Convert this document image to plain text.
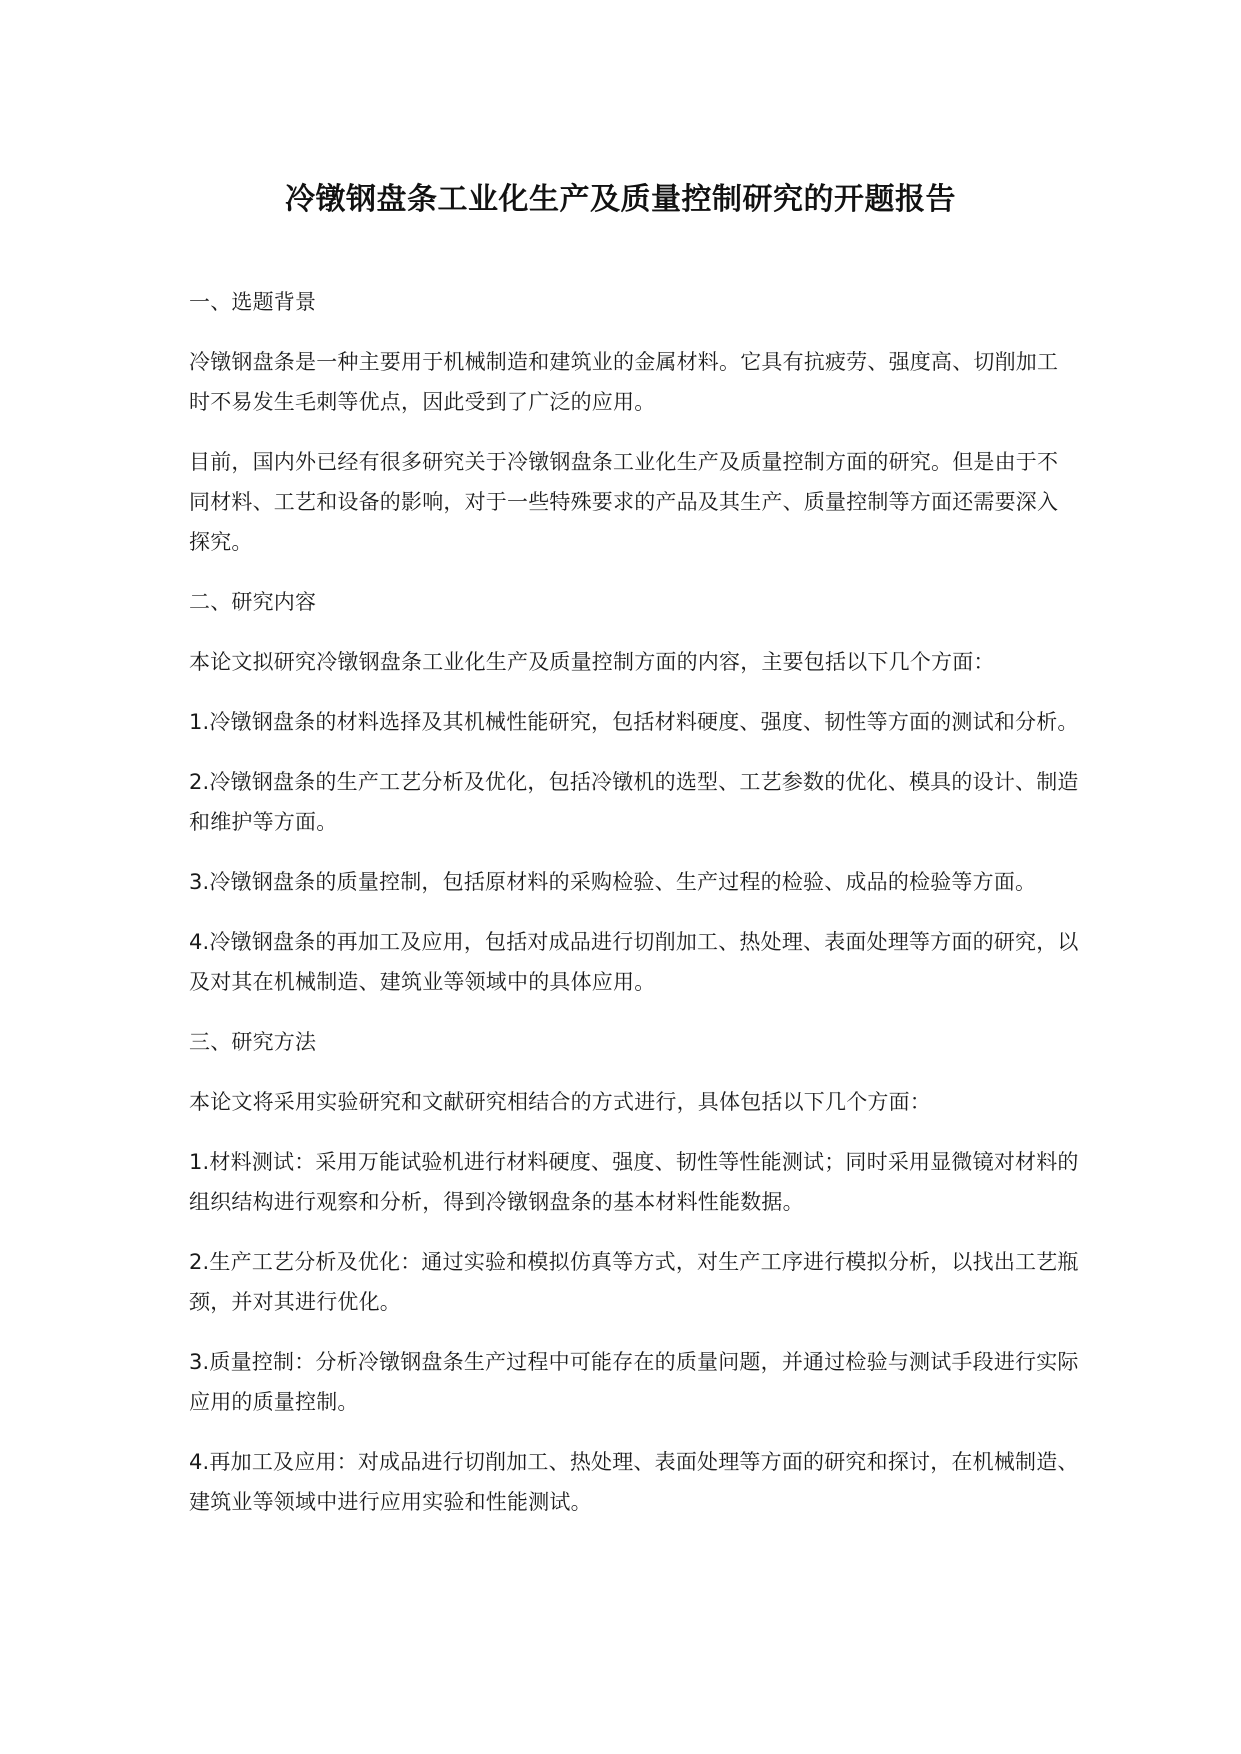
冷镦钢盘条工业化生产及质量控制研究的开题报告

一、选题背景

冷镦钢盘条是一种主要用于机械制造和建筑业的金属材料。它具有抗疲劳、强度高、切削加工时不易发生毛刺等优点，因此受到了广泛的应用。

目前，国内外已经有很多研究关于冷镦钢盘条工业化生产及质量控制方面的研究。但是由于不同材料、工艺和设备的影响，对于一些特殊要求的产品及其生产、质量控制等方面还需要深入探究。

二、研究内容

本论文拟研究冷镦钢盘条工业化生产及质量控制方面的内容，主要包括以下几个方面：

1.冷镦钢盘条的材料选择及其机械性能研究，包括材料硬度、强度、韧性等方面的测试和分析。

2.冷镦钢盘条的生产工艺分析及优化，包括冷镦机的选型、工艺参数的优化、模具的设计、制造和维护等方面。

3.冷镦钢盘条的质量控制，包括原材料的采购检验、生产过程的检验、成品的检验等方面。

4.冷镦钢盘条的再加工及应用，包括对成品进行切削加工、热处理、表面处理等方面的研究，以及对其在机械制造、建筑业等领域中的具体应用。

三、研究方法

本论文将采用实验研究和文献研究相结合的方式进行，具体包括以下几个方面：

1.材料测试：采用万能试验机进行材料硬度、强度、韧性等性能测试；同时采用显微镜对材料的组织结构进行观察和分析，得到冷镦钢盘条的基本材料性能数据。

2.生产工艺分析及优化：通过实验和模拟仿真等方式，对生产工序进行模拟分析，以找出工艺瓶颈，并对其进行优化。

3.质量控制：分析冷镦钢盘条生产过程中可能存在的质量问题，并通过检验与测试手段进行实际应用的质量控制。

4.再加工及应用：对成品进行切削加工、热处理、表面处理等方面的研究和探讨，在机械制造、建筑业等领域中进行应用实验和性能测试。
